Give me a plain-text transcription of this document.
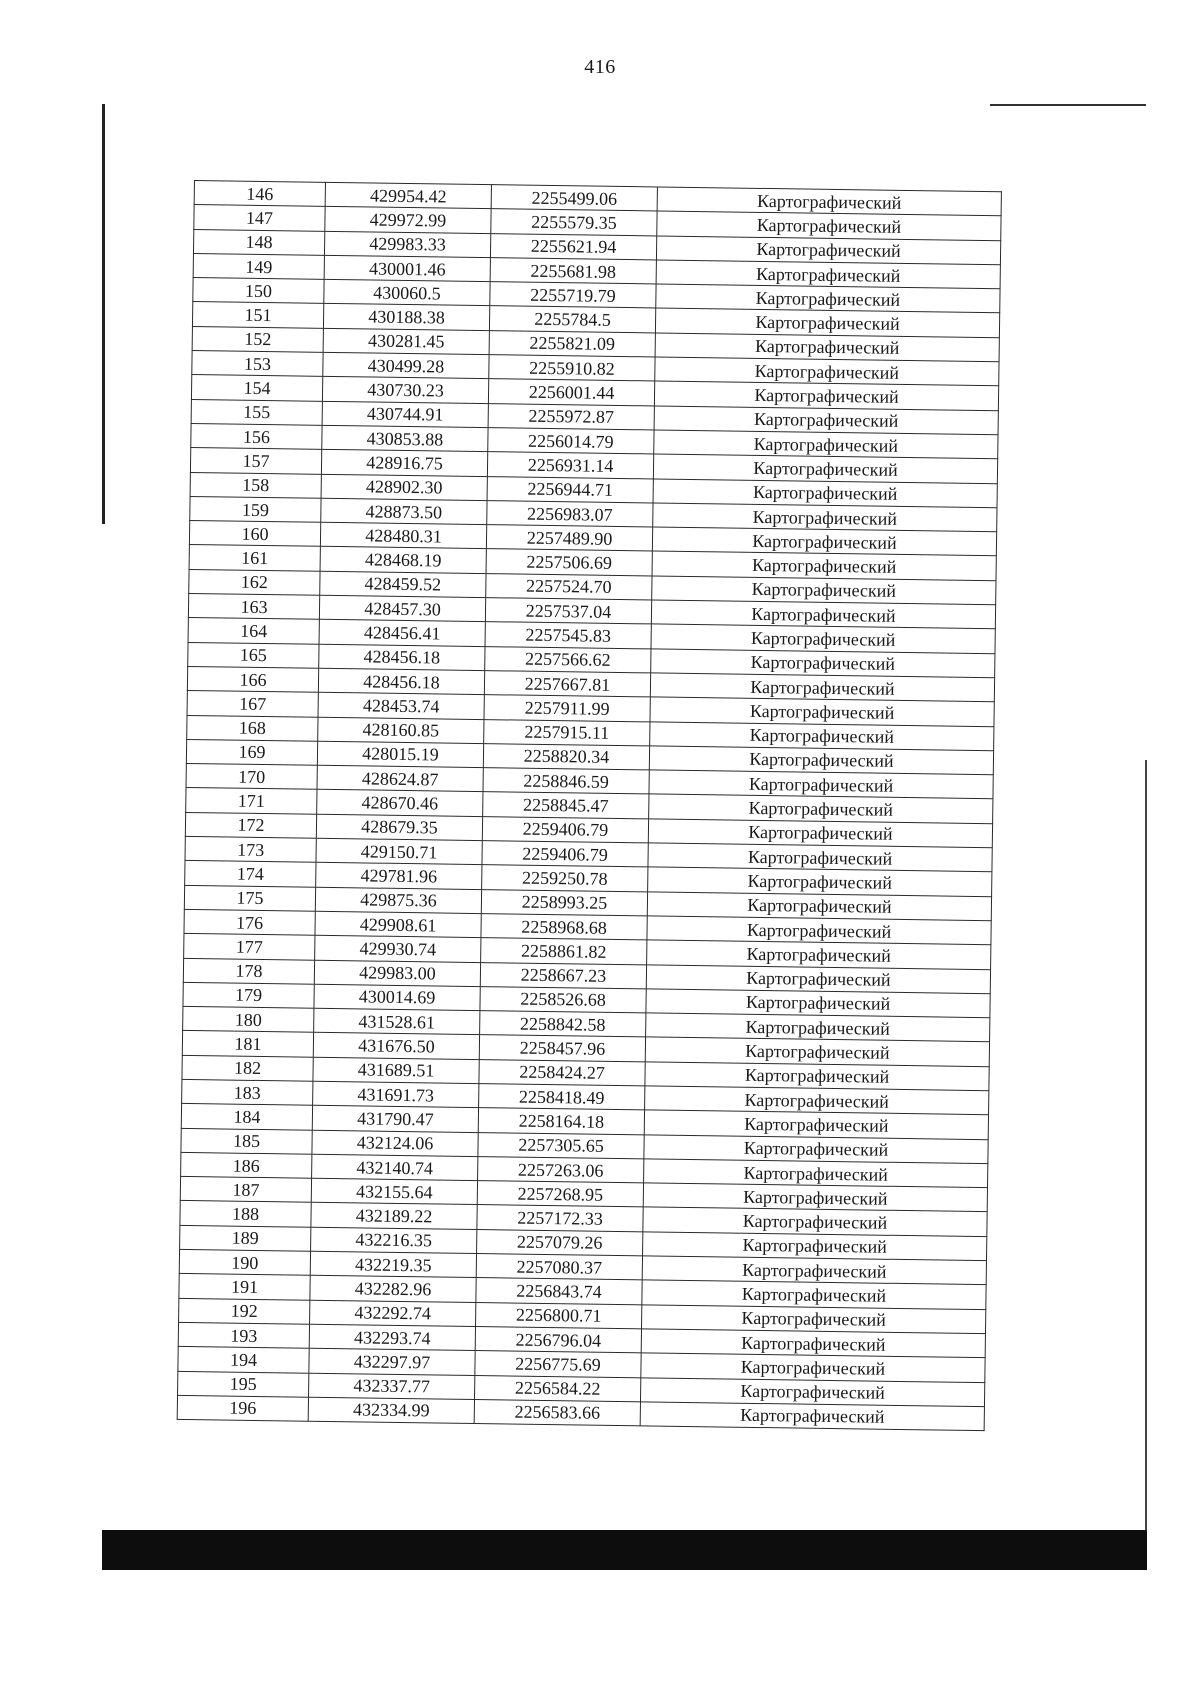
416
146	429954.42	2255499.06	Картографический
147	429972.99	2255579.35	Картографический
148	429983.33	2255621.94	Картографический
149	430001.46	2255681.98	Картографический
150	430060.5	2255719.79	Картографический
151	430188.38	2255784.5	Картографический
152	430281.45	2255821.09	Картографический
153	430499.28	2255910.82	Картографический
154	430730.23	2256001.44	Картографический
155	430744.91	2255972.87	Картографический
156	430853.88	2256014.79	Картографический
157	428916.75	2256931.14	Картографический
158	428902.30	2256944.71	Картографический
159	428873.50	2256983.07	Картографический
160	428480.31	2257489.90	Картографический
161	428468.19	2257506.69	Картографический
162	428459.52	2257524.70	Картографический
163	428457.30	2257537.04	Картографический
164	428456.41	2257545.83	Картографический
165	428456.18	2257566.62	Картографический
166	428456.18	2257667.81	Картографический
167	428453.74	2257911.99	Картографический
168	428160.85	2257915.11	Картографический
169	428015.19	2258820.34	Картографический
170	428624.87	2258846.59	Картографический
171	428670.46	2258845.47	Картографический
172	428679.35	2259406.79	Картографический
173	429150.71	2259406.79	Картографический
174	429781.96	2259250.78	Картографический
175	429875.36	2258993.25	Картографический
176	429908.61	2258968.68	Картографический
177	429930.74	2258861.82	Картографический
178	429983.00	2258667.23	Картографический
179	430014.69	2258526.68	Картографический
180	431528.61	2258842.58	Картографический
181	431676.50	2258457.96	Картографический
182	431689.51	2258424.27	Картографический
183	431691.73	2258418.49	Картографический
184	431790.47	2258164.18	Картографический
185	432124.06	2257305.65	Картографический
186	432140.74	2257263.06	Картографический
187	432155.64	2257268.95	Картографический
188	432189.22	2257172.33	Картографический
189	432216.35	2257079.26	Картографический
190	432219.35	2257080.37	Картографический
191	432282.96	2256843.74	Картографический
192	432292.74	2256800.71	Картографический
193	432293.74	2256796.04	Картографический
194	432297.97	2256775.69	Картографический
195	432337.77	2256584.22	Картографический
196	432334.99	2256583.66	Картографический
